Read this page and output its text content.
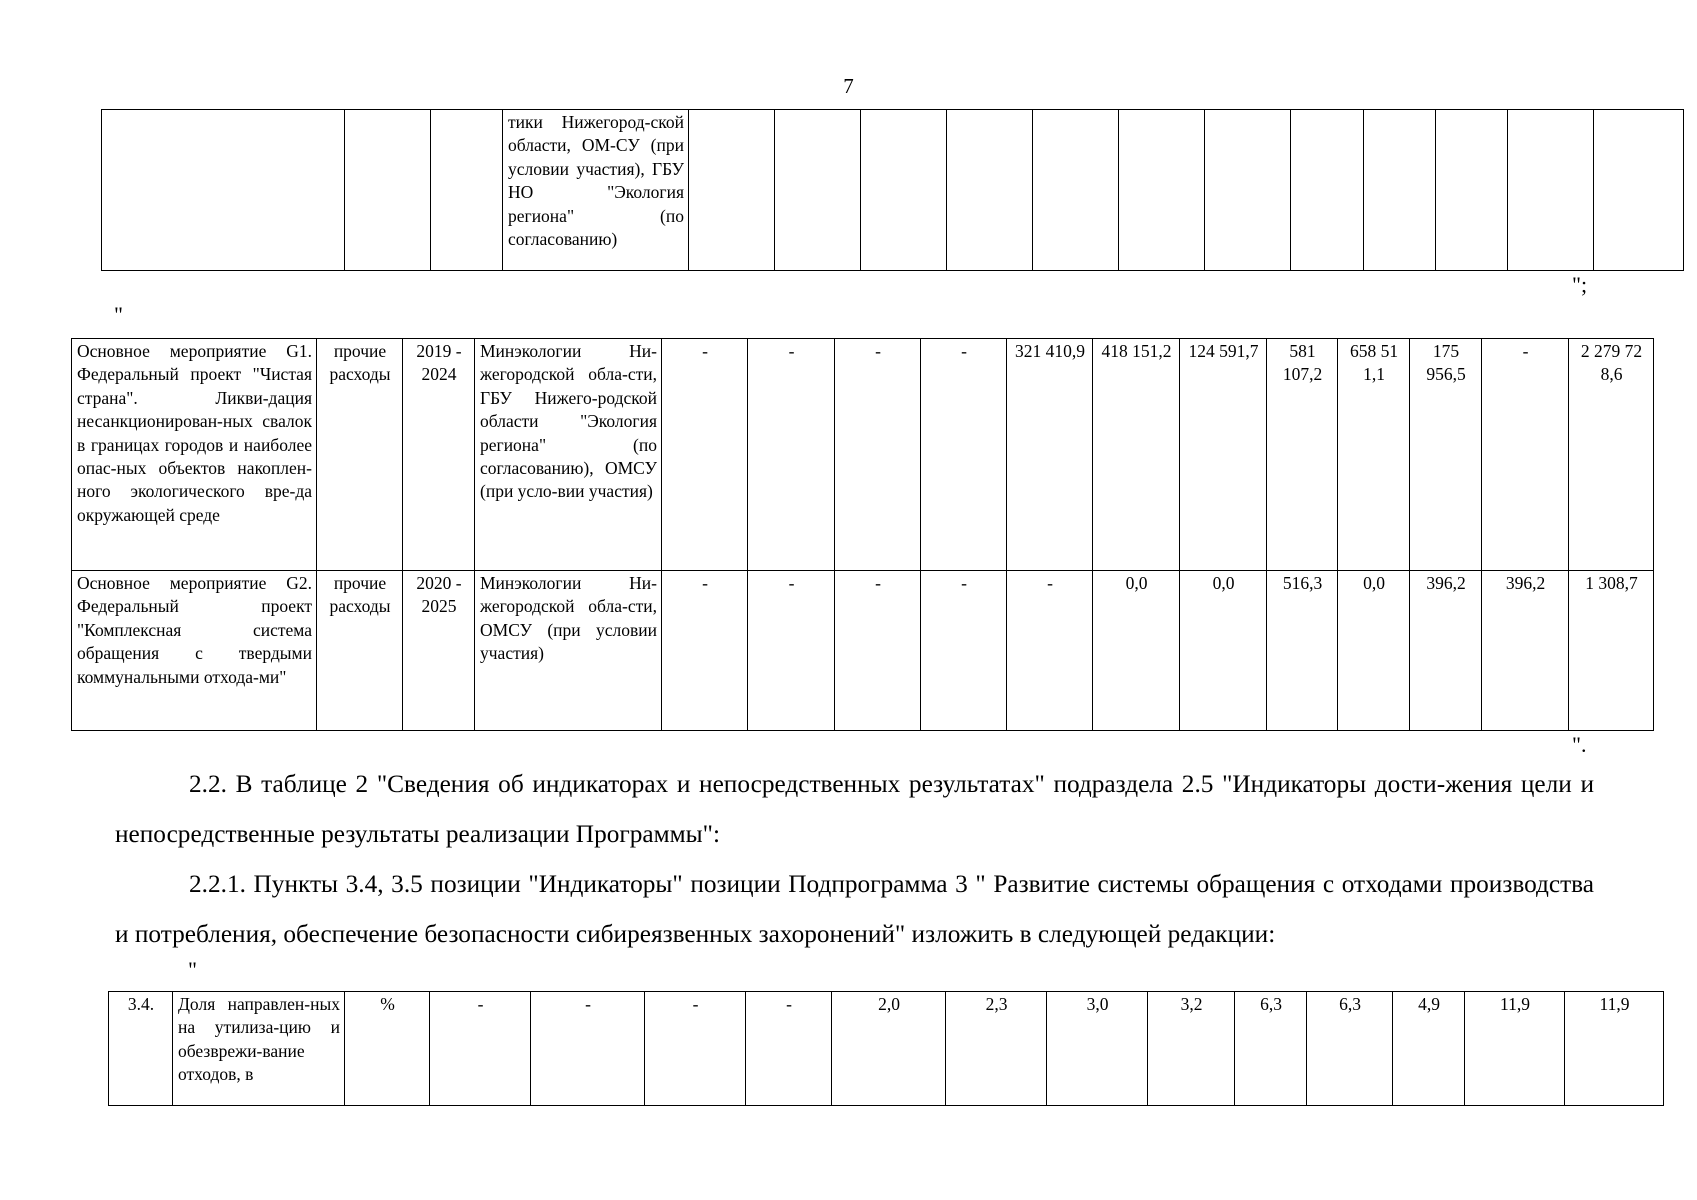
7
			тики Нижегород-ской области, ОМ-СУ (при условии участия), ГБУ НО "Экология региона" (по согласованию)												
";
"
Основное мероприятие G1. Федеральный проект "Чистая страна". Ликви-дация несанкционирован-ных свалок в границах городов и наиболее опас-ных объектов накоплен-ного экологического вре-да окружающей среде	прочие расходы	2019 - 2024	Минэкологии Ни-жегородской обла-сти, ГБУ Нижего-родской области "Экология региона" (по согласованию), ОМСУ (при усло-вии участия)	-	-	-	-	321 410,9	418 151,2	124 591,7	581 107,2	658 51 1,1	175 956,5	-	2 279 72 8,6
Основное мероприятие G2. Федеральный проект "Комплексная система обращения с твердыми коммунальными отхода-ми"	прочие расходы	2020 - 2025	Минэкологии Ни-жегородской обла-сти, ОМСУ (при условии участия)	-	-	-	-	-	0,0	0,0	516,3	0,0	396,2	396,2	1 308,7
".
2.2. В таблице 2 "Сведения об индикаторах и непосредственных результатах" подраздела 2.5 "Индикаторы дости-жения цели и непосредственные результаты реализации Программы":
2.2.1. Пункты 3.4, 3.5 позиции "Индикаторы" позиции Подпрограмма 3 " Развитие системы обращения с отходами производства и потребления, обеспечение безопасности сибиреязвенных захоронений" изложить в следующей редакции:
"
3.4.	Доля направлен-ных на утилиза-цию и обезврежи-вание отходов, в	%	-	-	-	-	2,0	2,3	3,0	3,2	6,3	6,3	4,9	11,9	11,9
